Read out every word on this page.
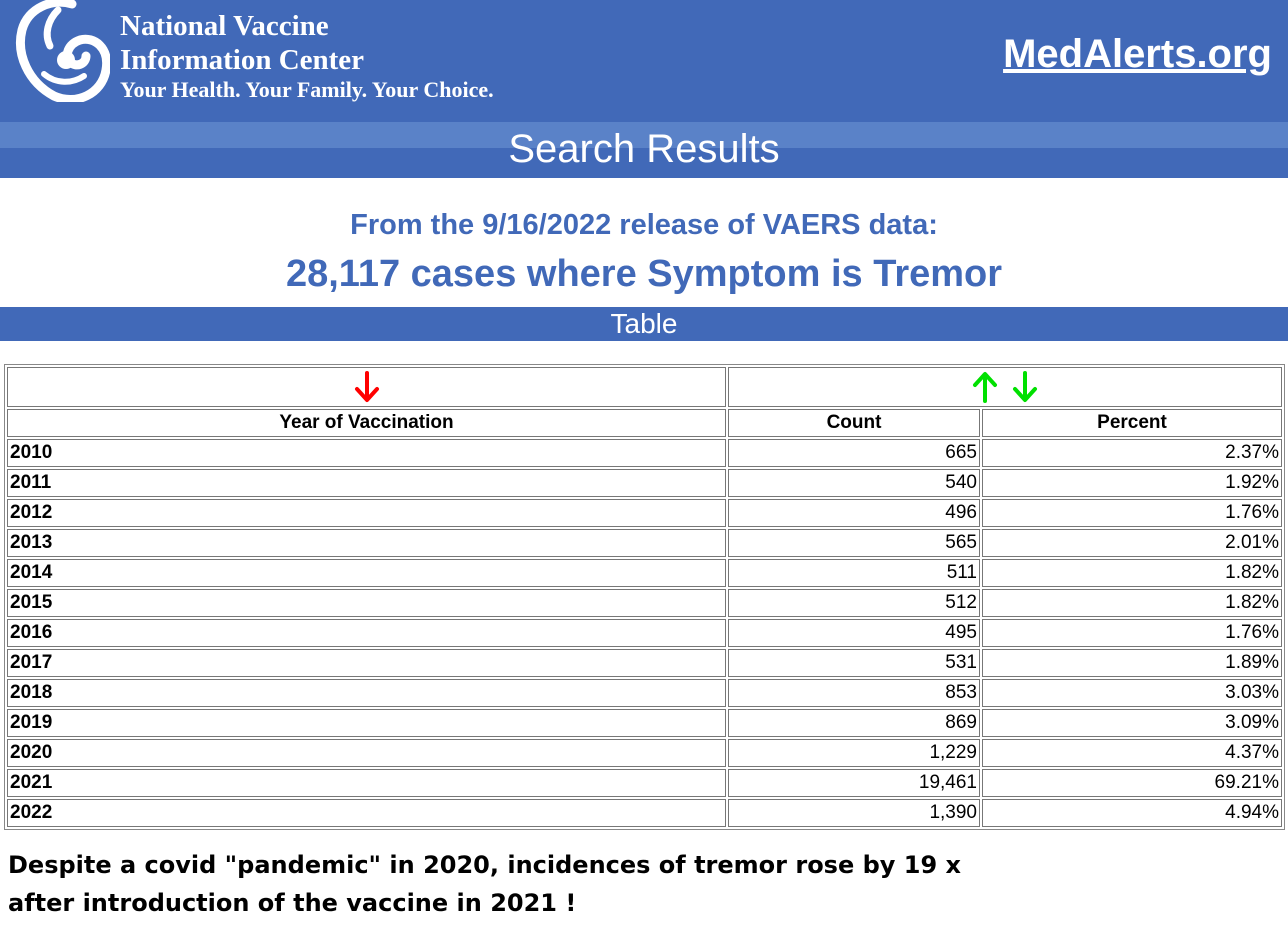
National Vaccine
Information Center
Your Health. Your Family. Your Choice.
MedAlerts.org
Search Results
From the 9/16/2022 release of VAERS data:
28,117 cases where Symptom is Tremor
Table

Year of Vaccination	Count	Percent
2010	665	2.37%
2011	540	1.92%
2012	496	1.76%
2013	565	2.01%
2014	511	1.82%
2015	512	1.82%
2016	495	1.76%
2017	531	1.89%
2018	853	3.03%
2019	869	3.09%
2020	1,229	4.37%
2021	19,461	69.21%
2022	1,390	4.94%
Despite a covid "pandemic" in 2020, incidences of tremor rose by 19 x
after introduction of the vaccine in 2021 !
